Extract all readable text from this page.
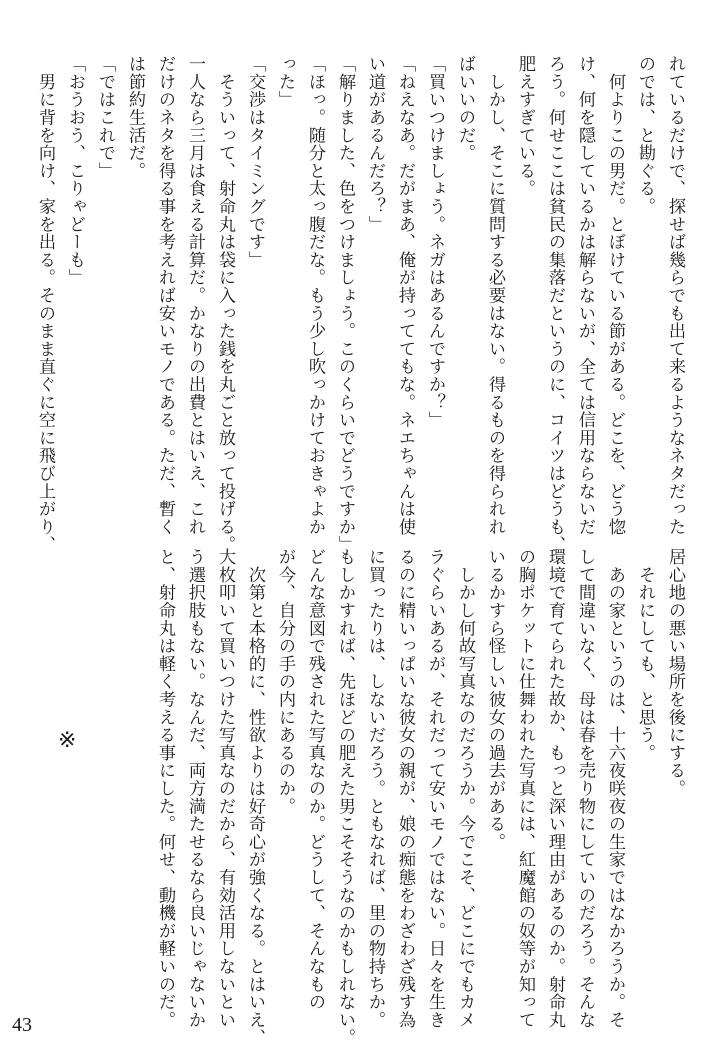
れているだけで、探せば幾らでも出て来るようなネタだった
のでは、と勘ぐる。
　何よりこの男だ。とぼけている節がある。どこを、どう惚
け、何を隠しているかは解らないが、全ては信用ならないだ
ろう。何せここは貧民の集落だというのに、コイツはどうも、
肥えすぎている。
　しかし、そこに質問する必要はない。得るものを得られれ
ばいいのだ。
「買いつけましょう。ネガはあるんですか？」
「ねえなあ。だがまあ、俺が持っててもな。ネエちゃんは使
い道があるんだろ？」
「解りました、色をつけましょう。このくらいでどうですか」
「ほっ。随分と太っ腹だな。もう少し吹っかけておきゃよか
った」
「交渉はタイミングです」
　そういって、射命丸は袋に入った銭を丸ごと放って投げる。
一人なら三月は食える計算だ。かなりの出費とはいえ、これ
だけのネタを得る事を考えれば安いモノである。ただ、暫く
は節約生活だ。
「ではこれで」
「おうおう、こりゃどーも」
　男に背を向け、家を出る。そのまま直ぐに空に飛び上がり、
居心地の悪い場所を後にする。
　それにしても、と思う。
　あの家というのは、十六夜咲夜の生家ではなかろうか。そ
して間違いなく、母は春を売り物にしていのだろう。そんな
環境で育てられた故か、もっと深い理由があるのか。射命丸
の胸ポケットに仕舞われた写真には、紅魔館の奴等が知って
いるかすら怪しい彼女の過去がある。
　しかし何故写真なのだろうか。今でこそ、どこにでもカメ
ラぐらいあるが、それだって安いモノではない。日々を生き
るのに精いっぱいな彼女の親が、娘の痴態をわざわざ残す為
に買ったりは、しないだろう。ともなれば、里の物持ちか。
もしかすれば、先ほどの肥えた男こそそうなのかもしれない。
どんな意図で残された写真なのか。どうして、そんなもの
が今、自分の手の内にあるのか。
　次第と本格的に、性欲よりは好奇心が強くなる。とはいえ、
大枚叩いて買いつけた写真なのだから、有効活用しないとい
う選択肢もない。なんだ、両方満たせるなら良いじゃないか
と、射命丸は軽く考える事にした。何せ、動機が軽いのだ。
※
43
